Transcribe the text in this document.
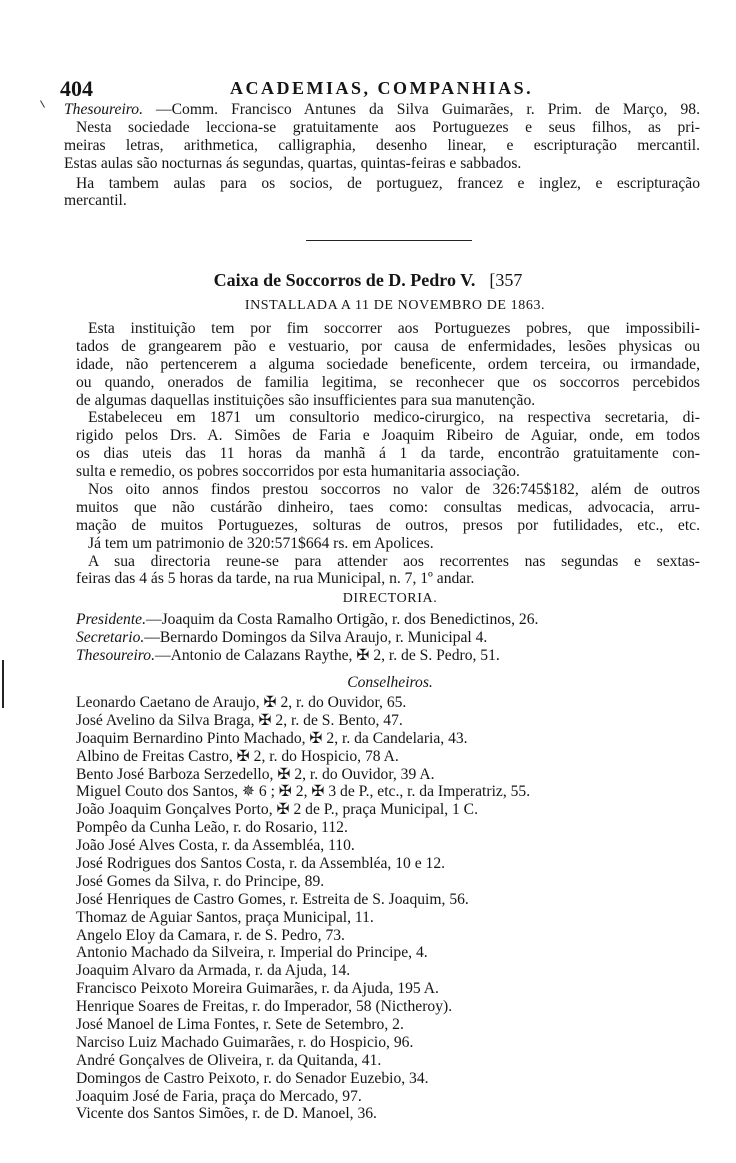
404	ACADEMIAS, COMPANHIAS.
Thesoureiro. —Comm. Francisco Antunes da Silva Guimarães, r. Prim. de Março, 98.
Nesta sociedade lecciona-se gratuitamente aos Portuguezes e seus filhos, as pri-
meiras letras, arithmetica, calligraphia, desenho linear, e escripturação mercantil.
Estas aulas são nocturnas ás segundas, quartas, quintas-feiras e sabbados.
Ha tambem aulas para os socios, de portuguez, francez e inglez, e escripturação
mercantil.
Caixa de Soccorros de D. Pedro V. [357
INSTALLADA A 11 DE NOVEMBRO DE 1863.
Esta instituição tem por fim soccorrer aos Portuguezes pobres, que impossibili-
tados de grangearem pão e vestuario, por causa de enfermidades, lesões physicas ou
idade, não pertencerem a alguma sociedade beneficente, ordem terceira, ou irmandade,
ou quando, onerados de familia legitima, se reconhecer que os soccorros percebidos
de algumas daquellas instituições são insufficientes para sua manutenção.
Estabeleceu em 1871 um consultorio medico-cirurgico, na respectiva secretaria, di-
rigido pelos Drs. A. Simões de Faria e Joaquim Ribeiro de Aguiar, onde, em todos
os dias uteis das 11 horas da manhã á 1 da tarde, encontrão gratuitamente con-
sulta e remedio, os pobres soccorridos por esta humanitaria associação.
Nos oito annos findos prestou soccorros no valor de 326:745$182, além de outros
muitos que não custárão dinheiro, taes como: consultas medicas, advocacia, arru-
mação de muitos Portuguezes, solturas de outros, presos por futilidades, etc., etc.
Já tem um patrimonio de 320:571$664 rs. em Apolices.
A sua directoria reune-se para attender aos recorrentes nas segundas e sextas-
feiras das 4 ás 5 horas da tarde, na rua Municipal, n. 7, 1º andar.
DIRECTORIA.
Presidente.—Joaquim da Costa Ramalho Ortigão, r. dos Benedictinos, 26.
Secretario.—Bernardo Domingos da Silva Araujo, r. Municipal 4.
Thesoureiro.—Antonio de Calazans Raythe, ✠ 2, r. de S. Pedro, 51.
Conselheiros.
Leonardo Caetano de Araujo, ✠ 2, r. do Ouvidor, 65.
José Avelino da Silva Braga, ✠ 2, r. de S. Bento, 47.
Joaquim Bernardino Pinto Machado, ✠ 2, r. da Candelaria, 43.
Albino de Freitas Castro, ✠ 2, r. do Hospicio, 78 A.
Bento José Barboza Serzedello, ✠ 2, r. do Ouvidor, 39 A.
Miguel Couto dos Santos, ✵ 6 ; ✠ 2, ✠ 3 de P., etc., r. da Imperatriz, 55.
João Joaquim Gonçalves Porto, ✠ 2 de P., praça Municipal, 1 C.
Pompêo da Cunha Leão, r. do Rosario, 112.
João José Alves Costa, r. da Assembléa, 110.
José Rodrigues dos Santos Costa, r. da Assembléa, 10 e 12.
José Gomes da Silva, r. do Principe, 89.
José Henriques de Castro Gomes, r. Estreita de S. Joaquim, 56.
Thomaz de Aguiar Santos, praça Municipal, 11.
Angelo Eloy da Camara, r. de S. Pedro, 73.
Antonio Machado da Silveira, r. Imperial do Principe, 4.
Joaquim Alvaro da Armada, r. da Ajuda, 14.
Francisco Peixoto Moreira Guimarães, r. da Ajuda, 195 A.
Henrique Soares de Freitas, r. do Imperador, 58 (Nictheroy).
José Manoel de Lima Fontes, r. Sete de Setembro, 2.
Narciso Luiz Machado Guimarães, r. do Hospicio, 96.
André Gonçalves de Oliveira, r. da Quitanda, 41.
Domingos de Castro Peixoto, r. do Senador Euzebio, 34.
Joaquim José de Faria, praça do Mercado, 97.
Vicente dos Santos Simões, r. de D. Manoel, 36.
